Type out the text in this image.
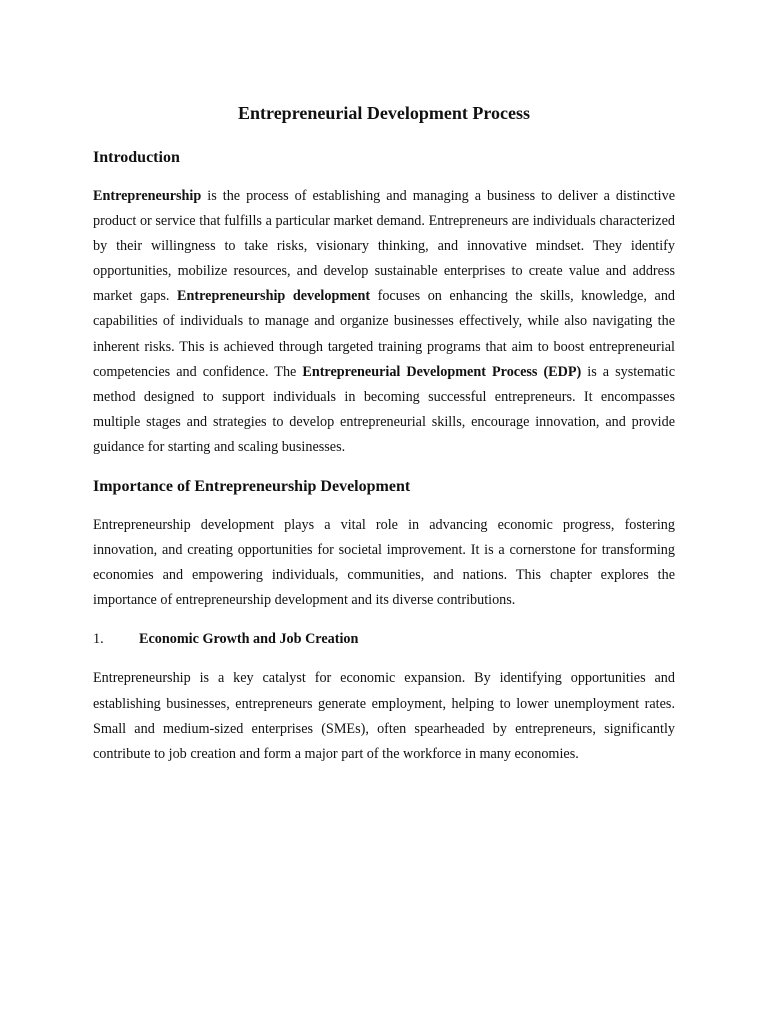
Entrepreneurial Development Process
Introduction

Entrepreneurship is the process of establishing and managing a business to deliver a distinctive product or service that fulfills a particular market demand. Entrepreneurs are individuals characterized by their willingness to take risks, visionary thinking, and innovative mindset. They identify opportunities, mobilize resources, and develop sustainable enterprises to create value and address market gaps. Entrepreneurship development focuses on enhancing the skills, knowledge, and capabilities of individuals to manage and organize businesses effectively, while also navigating the inherent risks. This is achieved through targeted training programs that aim to boost entrepreneurial competencies and confidence. The Entrepreneurial Development Process (EDP) is a systematic method designed to support individuals in becoming successful entrepreneurs. It encompasses multiple stages and strategies to develop entrepreneurial skills, encourage innovation, and provide guidance for starting and scaling businesses.

Importance of Entrepreneurship Development

Entrepreneurship development plays a vital role in advancing economic progress, fostering innovation, and creating opportunities for societal improvement. It is a cornerstone for transforming economies and empowering individuals, communities, and nations. This chapter explores the importance of entrepreneurship development and its diverse contributions.

1. Economic Growth and Job Creation

Entrepreneurship is a key catalyst for economic expansion. By identifying opportunities and establishing businesses, entrepreneurs generate employment, helping to lower unemployment rates. Small and medium-sized enterprises (SMEs), often spearheaded by entrepreneurs, significantly contribute to job creation and form a major part of the workforce in many economies.
